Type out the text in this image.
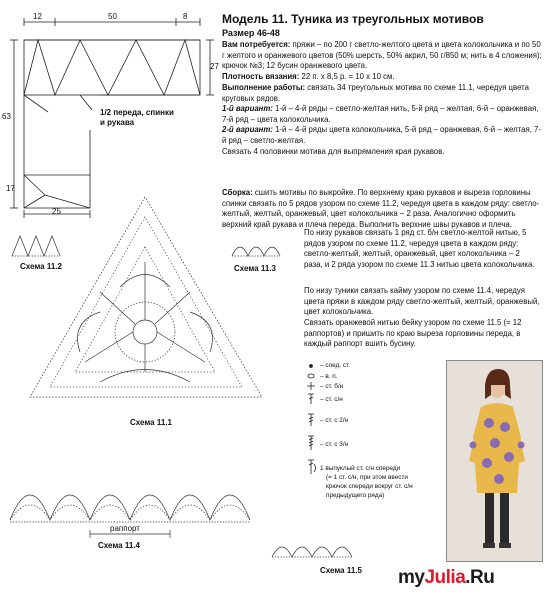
Модель 11. Туника из треугольных мотивов
Размер 46-48
Вам потребуется: пряжи – по 200 г светло-желтого цвета и цвета колокольчика и по 50 г желтого и оранжевого цветов (50% шерсть, 50% акрил, 50 г/850 м; нить в 4 сложения); крючок №3; 12 бусин оранжевого цвета.
Плотность вязания: 22 п. х 8,5 р. = 10 х 10 см.
Выполнение работы: связать 34 треугольных мотива по схеме 11.1, чередуя цвета круговых рядов.
1-й вариант: 1-й – 4-й ряды – светло-желтая нить, 5-й ряд – желтая, 6-й – оранжевая, 7-й ряд – цвета колокольчика.
2-й вариант: 1-й – 4-й ряды цвета колокольчика, 5-й ряд – оранжевая, 6-й – желтая, 7-й ряд – светло-желтая.
Связать 4 половинки мотива для выпрямления края рукавов.
Сборка: сшить мотивы по выкройке. По верхнему краю рукавов и выреза горловины спинки связать по 5 рядов узором по схеме 11.2, чередуя цвета в каждом ряду: светло-желтый, желтый, оранжевый, цвет колокольчика – 2 раза. Аналогично оформить верхний край рукава и плеча переда. Выполнить верхние швы рукавов и плеча.
По низу рукавов связать 1 ряд ст. б/н светло-желтой нитью, 5 рядов узором по схеме 11.2, чередуя цвета в каждом ряду: светло-желтый, желтый, оранжевый, цвет колокольчика – 2 раза, и 2 ряда узором по схеме 11.3 нитью цвета колокольчика.
По низу туники связать кайму узором по схеме 11.4, чередуя цвета пряжи в каждом ряду светло-желтый, желтый, оранжевый, цвет колокольчика.
Связать оранжевой нитью бейку узором по схеме 11.5 (= 12 раппортов) и пришить по краю выреза горловины переда, в каждый раппорт вшить бусину.
12	50	8
27
63
17
25
1/2 переда, спинки и рукава
Схема 11.1
Схема 11.2	Схема 11.3
раппорт
Схема 11.4
Схема 11.5
– соед. ст.
– в. п.
– ст. б/н
– ст. с/н
– ст. с 2/н
– ст. с 3/н
1 выпуклый ст. с/н спереди
(= 1 ст. с/н, при этом ввести
крючок спереди вокруг ст. с/н
предыдущего ряда)
myJulia.Ru
